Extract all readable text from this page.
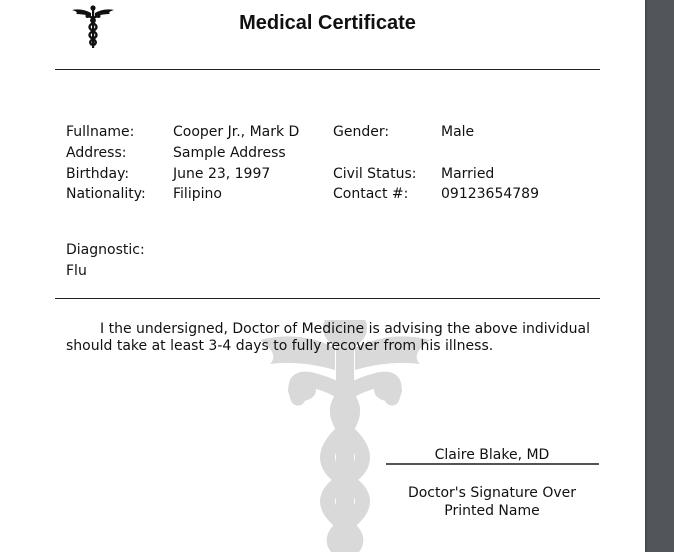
Medical Certificate
Fullname:	Cooper Jr., Mark D
Address:	Sample Address
Birthday:	June 23, 1997
Nationality: Filipino
Gender:	Male
Civil Status: Married
Contact #: 09123654789
Diagnostic:
Flu
I the undersigned, Doctor of Medicine is advising the above individual should take at least 3-4 days to fully recover from his illness.
Claire Blake, MD
Doctor's Signature Over
Printed Name
